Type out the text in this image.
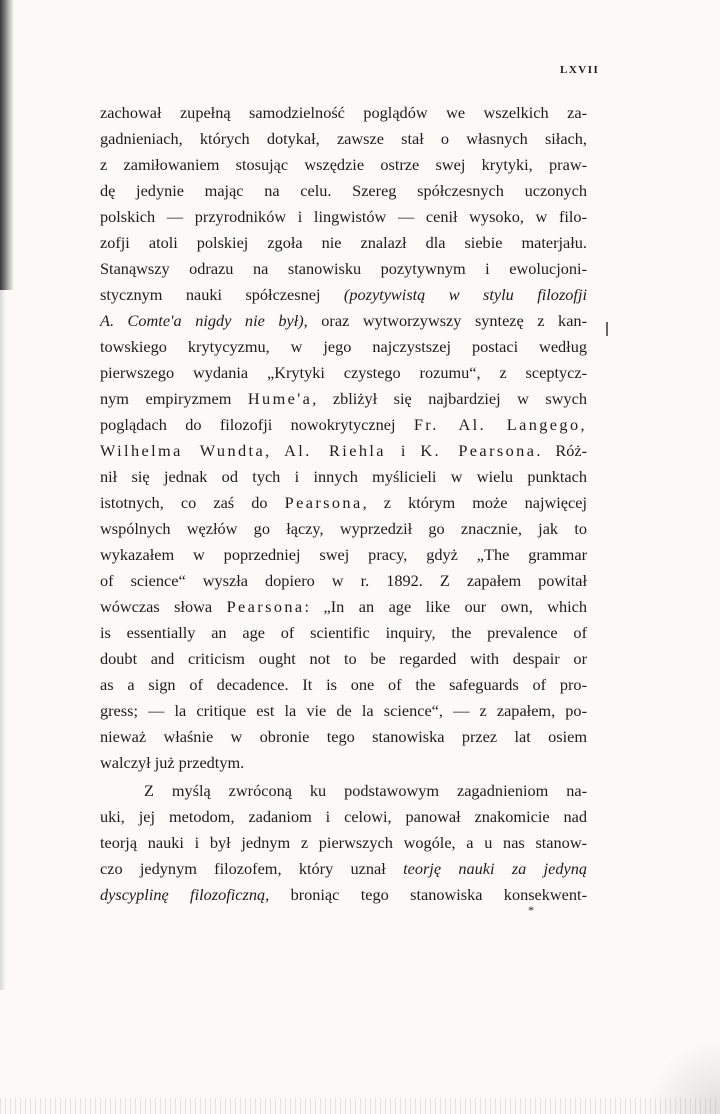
LXVII
zachował zupełną samodzielność poglądów we wszelkich za-
gadnieniach, których dotykał, zawsze stał o własnych siłach,
z zamiłowaniem stosując wszędzie ostrze swej krytyki, praw-
dę jedynie mając na celu. Szereg spółczesnych uczonych
polskich — przyrodników i lingwistów — cenił wysoko, w filo-
zofji atoli polskiej zgoła nie znalazł dla siebie materjału.
Stanąwszy odrazu na stanowisku pozytywnym i ewolucjoni-
stycznym nauki spółczesnej (pozytywistą w stylu filozofji
A. Comte'a nigdy nie był), oraz wytworzywszy syntezę z kan-
towskiego krytycyzmu, w jego najczystszej postaci według
pierwszego wydania „Krytyki czystego rozumu“, z sceptycz-
nym empiryzmem Hume'a, zbliżył się najbardziej w swych
poglądach do filozofji nowokrytycznej Fr. Al. Langego,
Wilhelma Wundta, Al. Riehla i K. Pearsona. Róż-
nił się jednak od tych i innych myślicieli w wielu punktach
istotnych, co zaś do Pearsona, z którym może najwięcej
wspólnych węzłów go łączy, wyprzedził go znacznie, jak to
wykazałem w poprzedniej swej pracy, gdyż „The grammar
of science“ wyszła dopiero w r. 1892. Z zapałem powitał
wówczas słowa Pearsona: „In an age like our own, which
is essentially an age of scientific inquiry, the prevalence of
doubt and criticism ought not to be regarded with despair or
as a sign of decadence. It is one of the safeguards of pro-
gress; — la critique est la vie de la science“, — z zapałem, po-
nieważ właśnie w obronie tego stanowiska przez lat osiem
walczył już przedtym.
Z myślą zwróconą ku podstawowym zagadnieniom na-
uki, jej metodom, zadaniom i celowi, panował znakomicie nad
teorją nauki i był jednym z pierwszych wogóle, a u nas stanow-
czo jedynym filozofem, który uznał teorję nauki za jedyną
dyscyplinę filozoficzną, broniąc tego stanowiska konsekwent-
*
